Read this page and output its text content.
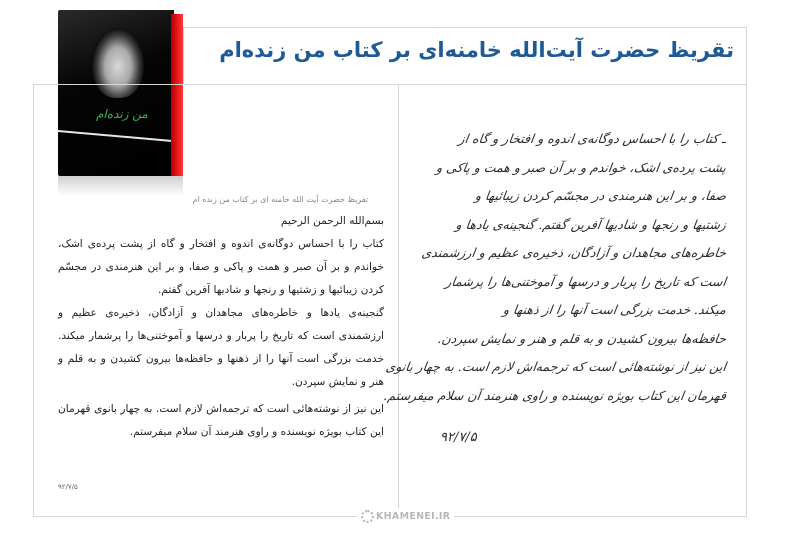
من زنده‌ام
تقریظ حضرت آیت‌الله خامنه‌ای بر کتاب من زنده‌ام
تقریظ حضرت آیت الله خامنه ای بر کتاب من زنده ام

بسم‌الله الرحمن الرحیم

کتاب را با احساس دوگانه‌ی اندوه و افتخار و گاه از پشت پرده‌ی اشک، خواندم و بر آن صبر و همت و پاکی و صفا، و بر این هنرمندی در مجسّم کردن زیبائیها و زشتیها و رنجها و شادیها آفرین گفتم.

گنجینه‌ی یادها و خاطره‌های مجاهدان و آزادگان، ذخیره‌ی عظیم و ارزشمندی است که تاریخ را پربار و درسها و آموختنی‌ها را پرشمار میکند. خدمت بزرگی است آنها را از ذهنها و حافظه‌ها بیرون کشیدن و به قلم و هنر و نمایش سپردن.

این نیز از نوشته‌هائی است که ترجمه‌اش لازم است. به چهار بانوی قهرمان این کتاب بویژه نویسنده و راوی هنرمند آن سلام میفرستم.

۹۲/۷/۵
ـ کتاب را با احساس دوگانه‌ی اندوه و افتخار و گاه از
پشت پرده‌ی اشک، خواندم و بر آن صبر و همت و پاکی و
صفا، و بر این هنرمندی در مجسّم کردن زیبائیها و
زشتیها و رنجها و شادیها آفرین گفتم. گنجینه‌ی یادها و
خاطره‌های مجاهدان و آزادگان، ذخیره‌ی عظیم و ارزشمندی
است که تاریخ را پربار و درسها و آموختنی‌ها را پرشمار
میکند. خدمت بزرگی است آنها را از ذهنها و
حافظه‌ها بیرون کشیدن و به قلم و هنر و نمایش سپردن.
این نیز از نوشته‌هائی است که ترجمه‌اش لازم است. به چهار بانوی
قهرمان این کتاب بویژه نویسنده و راوی هنرمند آن سلام میفرستم.
۹۲/۷/۵
KHAMENEI.IR
